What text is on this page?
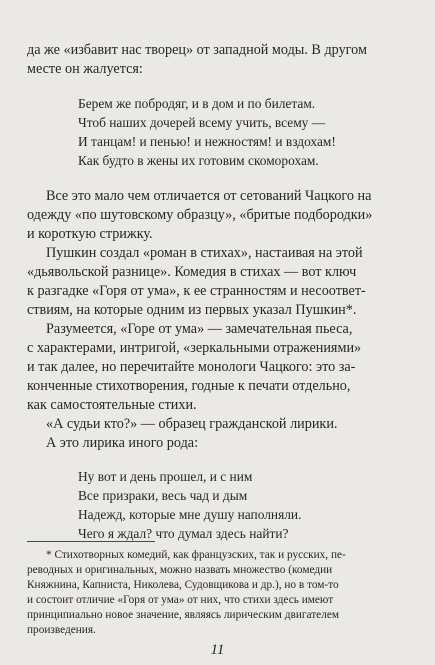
да же «избавит нас творец» от западной моды. В другом
месте он жалуется:
Берем же побродяг, и в дом и по билетам.
Чтоб наших дочерей всему учить, всему —
И танцам! и пенью! и нежностям! и вздохам!
Как будто в жены их готовим скоморохам.
Все это мало чем отличается от сетований Чацкого на
одежду «по шутовскому образцу», «бритые подбородки»
и короткую стрижку.
Пушкин создал «роман в стихах», настаивая на этой
«дьявольской разнице». Комедия в стихах — вот ключ
к разгадке «Горя от ума», к ее странностям и несоответ-
ствиям, на которые одним из первых указал Пушкин*.
Разумеется, «Горе от ума» — замечательная пьеса,
с характерами, интригой, «зеркальными отражениями»
и так далее, но перечитайте монологи Чацкого: это за-
конченные стихотворения, годные к печати отдельно,
как самостоятельные стихи.
«А судьи кто?» — образец гражданской лирики.
А это лирика иного рода:
Ну вот и день прошел, и с ним
Все призраки, весь чад и дым
Надежд, которые мне душу наполняли.
Чего я ждал? что думал здесь найти?
* Стихотворных комедий, как французских, так и русских, пе-
реводных и оригинальных, можно назвать множество (комедии
Княжнина, Капниста, Николева, Судовщикова и др.), но в том-то
и состоит отличие «Горя от ума» от них, что стихи здесь имеют
принципиально новое значение, являясь лирическим двигателем
произведения.
11
